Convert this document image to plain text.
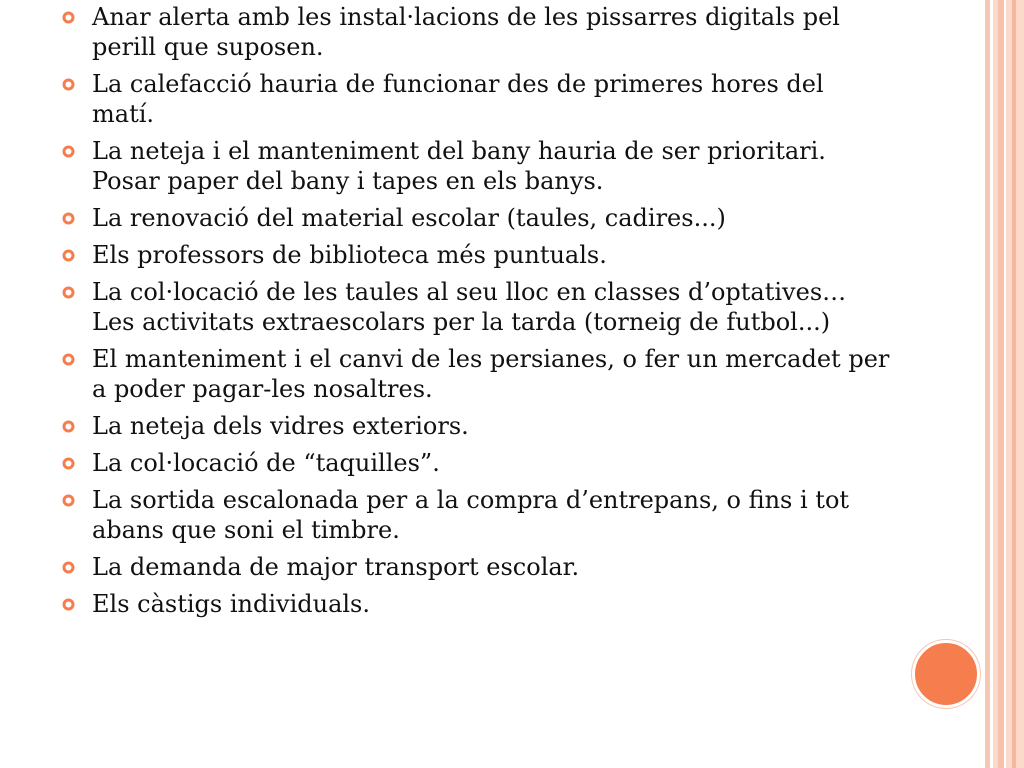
Anar alerta amb les instal·lacions de les pissarres digitals pel perill que suposen.
La calefacció hauria de funcionar des de primeres hores del matí.
La neteja i el manteniment del bany hauria de ser prioritari. Posar paper del bany i tapes en els banys.
La renovació del material escolar (taules, cadires...)
Els professors de biblioteca més puntuals.
La col·locació de les taules al seu lloc en classes d’optatives… Les activitats extraescolars per la tarda (torneig de futbol...)
El manteniment i el canvi de les persianes, o fer un mercadet per a poder pagar-les nosaltres.
La neteja dels vidres exteriors.
La col·locació de “taquilles”.
La sortida escalonada per a la compra d’entrepans, o fins i tot abans que soni el timbre.
La demanda de major transport escolar.
Els càstigs individuals.
